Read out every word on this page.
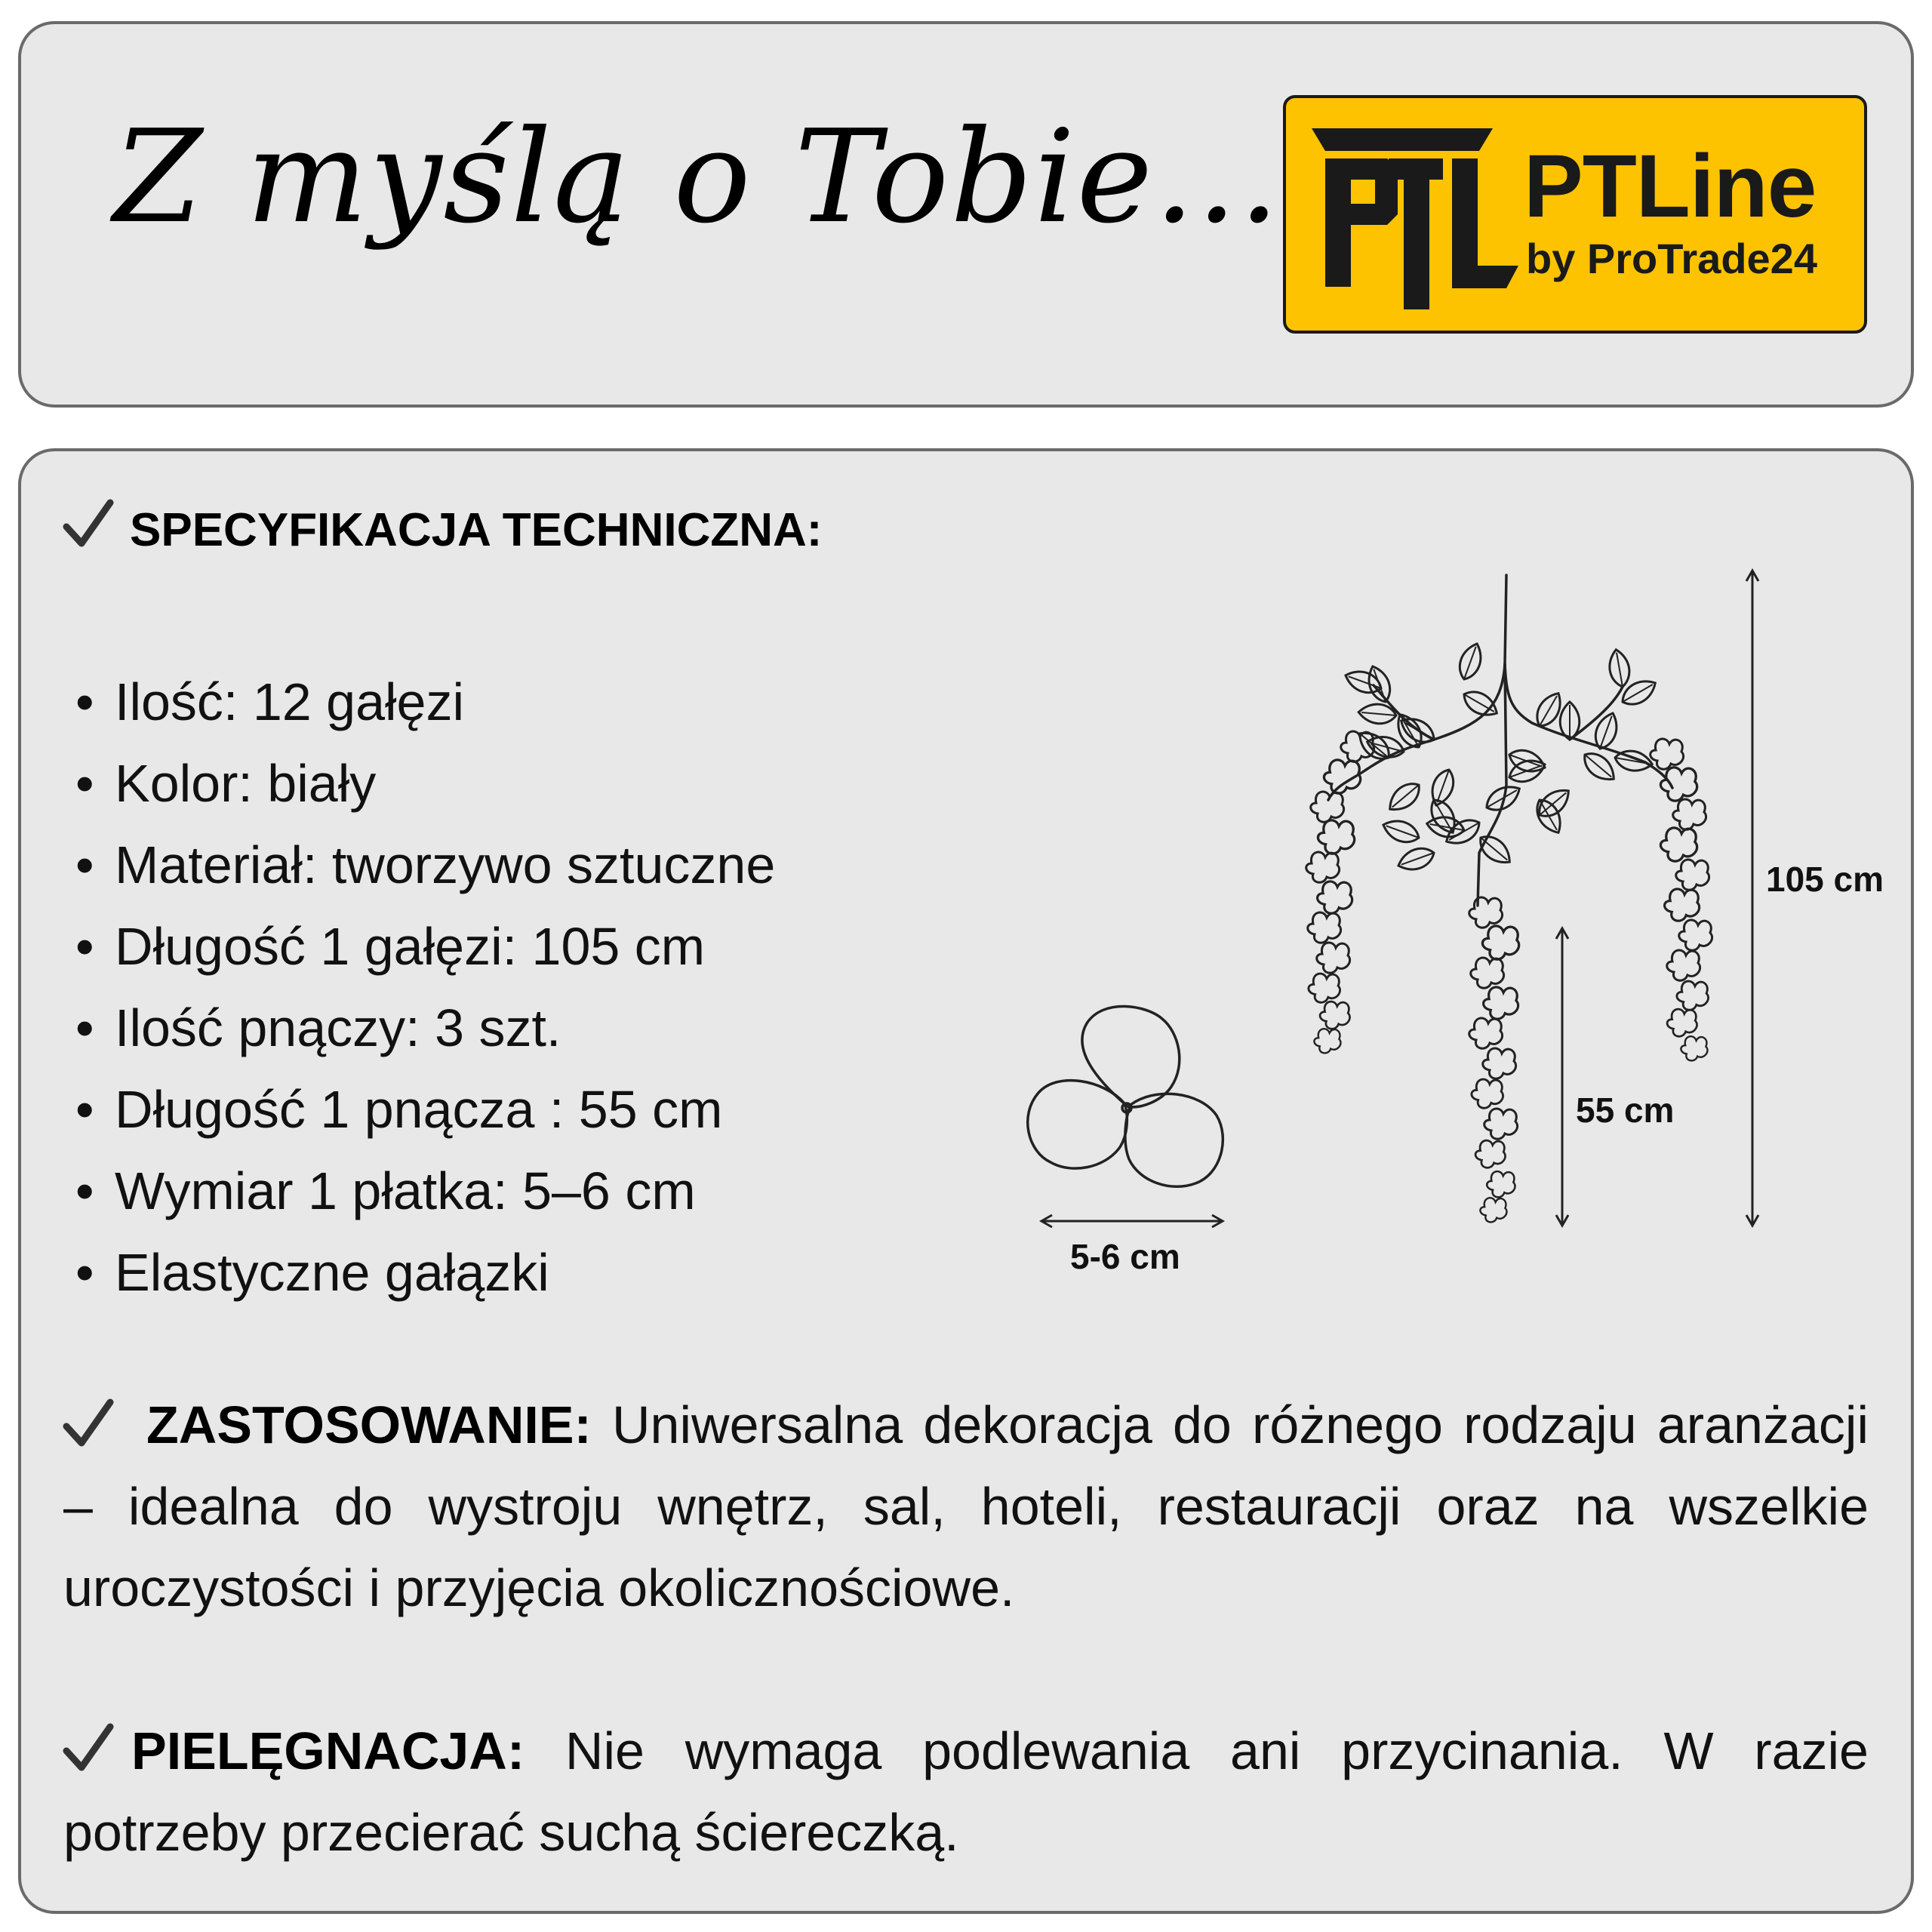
Z myślą o Tobie...	PTLine
by ProTrade24
SPECYFIKACJA TECHNICZNA:
• Ilość: 12 gałęzi
• Kolor: biały
• Materiał: tworzywo sztuczne
• Długość 1 gałęzi: 105 cm
• Ilość pnączy: 3 szt.
• Długość 1 pnącza : 55 cm
• Wymiar 1 płatka: 5–6 cm
• Elastyczne gałązki	5-6 cm
55 cm
105 cm

ZASTOSOWANIE: Uniwersalna dekoracja do różnego rodzaju aranżacji – idealna do wystroju wnętrz, sal, hoteli, restauracji oraz na wszelkie uroczystości i przyjęcia okolicznościowe.

PIELĘGNACJA: Nie wymaga podlewania ani przycinania. W razie potrzeby przecierać suchą ściereczką.
